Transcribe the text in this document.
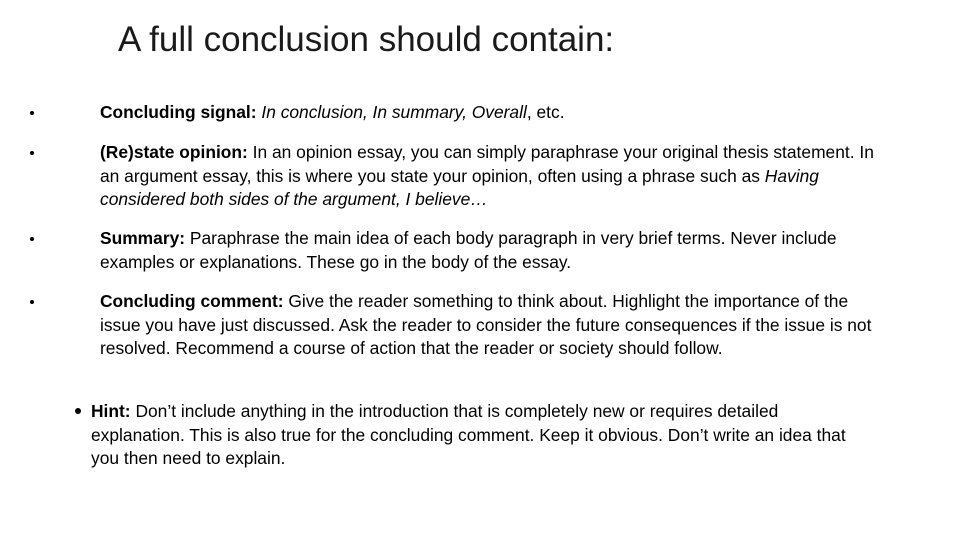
A full conclusion should contain:
Concluding signal: In conclusion, In summary, Overall, etc.
(Re)state opinion: In an opinion essay, you can simply paraphrase your original thesis statement. In an argument essay, this is where you state your opinion, often using a phrase such as Having considered both sides of the argument, I believe…
Summary: Paraphrase the main idea of each body paragraph in very brief terms. Never include examples or explanations. These go in the body of the essay.
Concluding comment: Give the reader something to think about. Highlight the importance of the issue you have just discussed. Ask the reader to consider the future consequences if the issue is not resolved. Recommend a course of action that the reader or society should follow.
Hint: Don’t include anything in the introduction that is completely new or requires detailed explanation. This is also true for the concluding comment. Keep it obvious. Don’t write an idea that you then need to explain.
